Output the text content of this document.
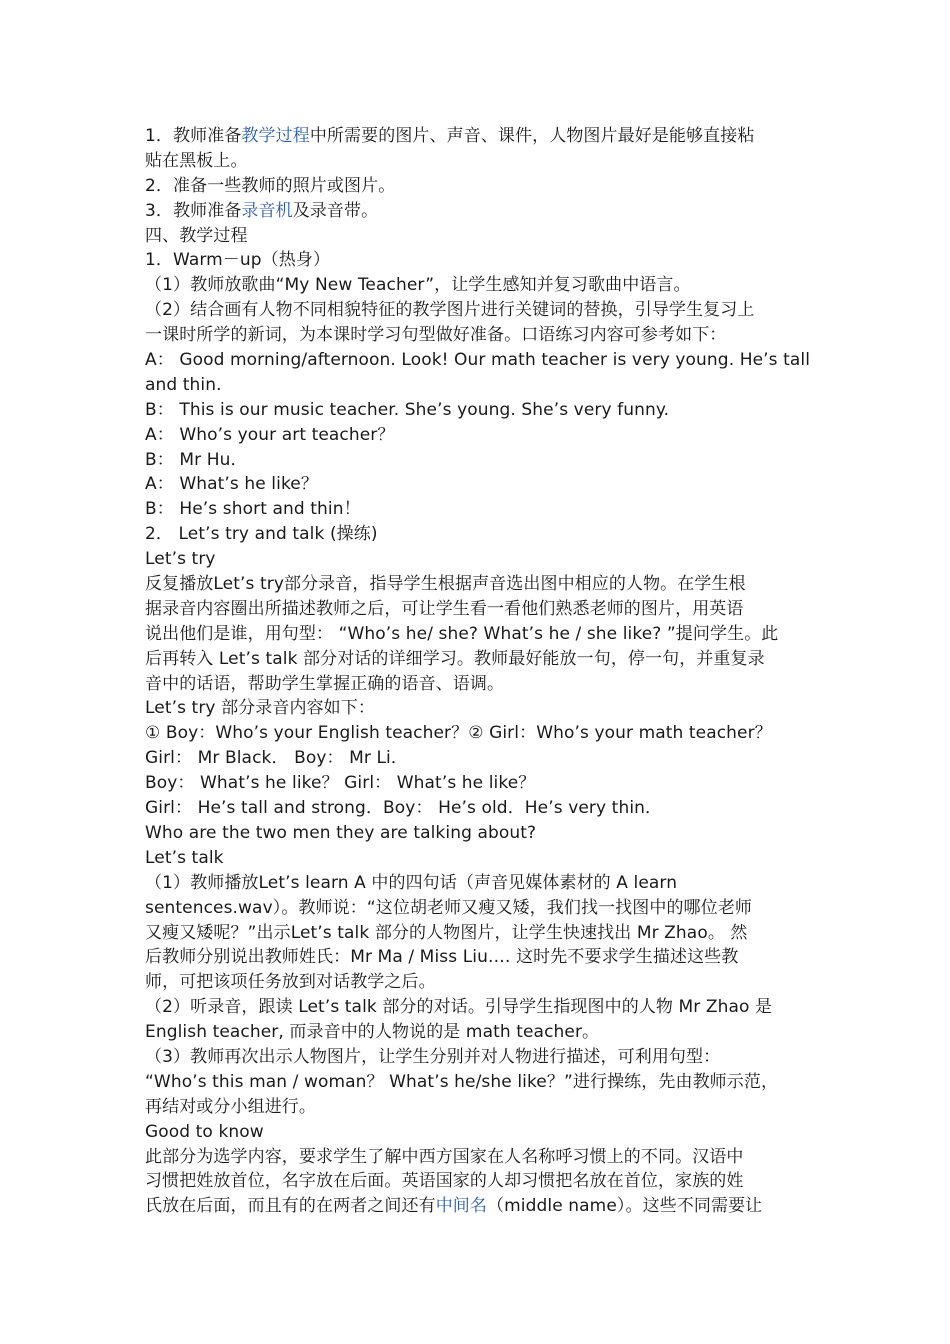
1．教师准备教学过程中所需要的图片、声音、课件，人物图片最好是能够直接粘
贴在黑板上。
2．准备一些教师的照片或图片。
3．教师准备录音机及录音带。
四、教学过程
1．Warm－up（热身）
（1）教师放歌曲“My New Teacher”，让学生感知并复习歌曲中语言。
（2）结合画有人物不同相貌特征的教学图片进行关键词的替换，引导学生复习上
一课时所学的新词，为本课时学习句型做好准备。口语练习内容可参考如下：
A： Good morning/afternoon. Look! Our math teacher is very young. He’s tall
and thin.
B： This is our music teacher. She’s young. She’s very funny.
A： Who’s your art teacher？
B： Mr Hu．
A： What’s he like？
B： He’s short and thin！
2． Let’s try and talk (操练)
Let’s try
反复播放Let’s try部分录音，指导学生根据声音选出图中相应的人物。在学生根
据录音内容圈出所描述教师之后，可让学生看一看他们熟悉老师的图片，用英语
说出他们是谁，用句型： “Who’s he/ she? What’s he / she like? ”提问学生。此
后再转入 Let’s talk 部分对话的详细学习。教师最好能放一句，停一句，并重复录
音中的话语，帮助学生掌握正确的语音、语调。
Let’s try 部分录音内容如下：
① Boy：Who’s your English teacher？② Girl：Who’s your math teacher？
Girl： Mr Black． Boy： Mr Li．
Boy： What’s he like？ Girl： What’s he like？
Girl： He’s tall and strong．Boy： He’s old．He’s very thin．
Who are the two men they are talking about?
Let’s talk
（1）教师播放Let’s learn A 中的四句话（声音见媒体素材的 A learn
sentences.wav）。教师说：“这位胡老师又瘦又矮，我们找一找图中的哪位老师
又瘦又矮呢？”出示Let’s talk 部分的人物图片，让学生快速找出 Mr Zhao。 然
后教师分别说出教师姓氏：Mr Ma / Miss Liu.… 这时先不要求学生描述这些教
师，可把该项任务放到对话教学之后。
（2）听录音，跟读 Let’s talk 部分的对话。引导学生指现图中的人物 Mr Zhao 是
English teacher, 而录音中的人物说的是 math teacher。
（3）教师再次出示人物图片，让学生分别并对人物进行描述，可利用句型：
“Who’s this man / woman？ What’s he/she like？”进行操练，先由教师示范，
再结对或分小组进行。
Good to know
此部分为选学内容，要求学生了解中西方国家在人名称呼习惯上的不同。汉语中
习惯把姓放首位，名字放在后面。英语国家的人却习惯把名放在首位，家族的姓
氏放在后面，而且有的在两者之间还有中间名（middle name）。这些不同需要让
